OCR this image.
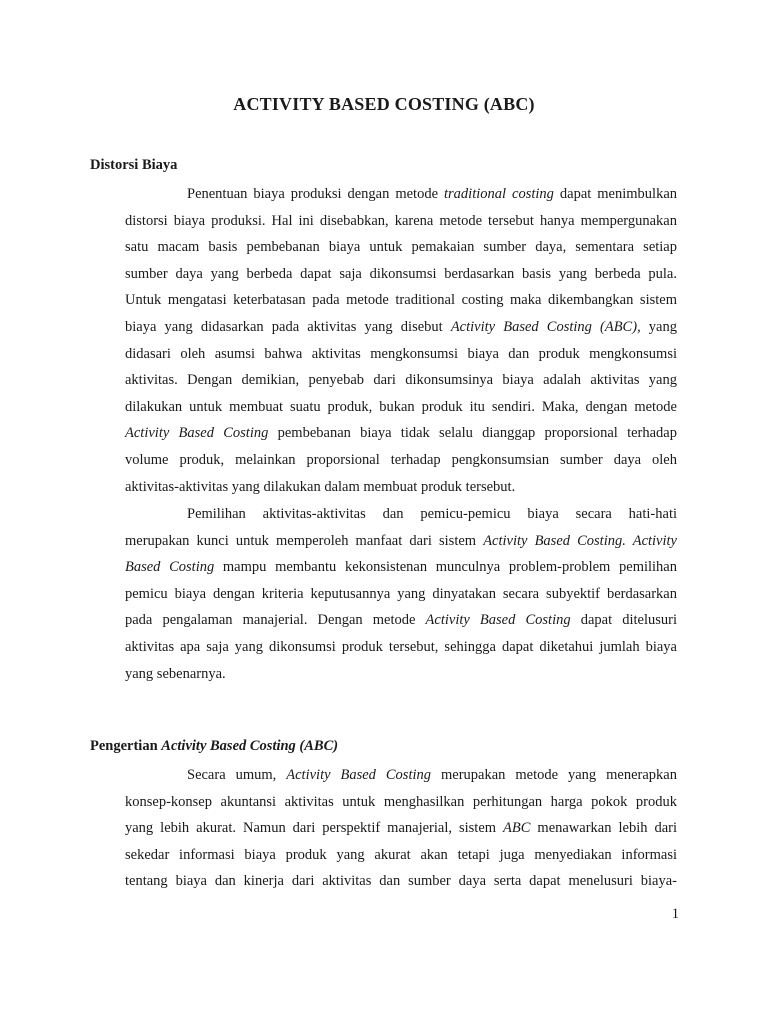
ACTIVITY BASED COSTING (ABC)
Distorsi Biaya

Penentuan biaya produksi dengan metode traditional costing dapat menimbulkan
distorsi biaya produksi. Hal ini disebabkan, karena metode tersebut hanya mempergunakan
satu macam basis pembebanan biaya untuk pemakaian sumber daya, sementara setiap
sumber daya yang berbeda dapat saja dikonsumsi berdasarkan basis yang berbeda pula.
Untuk mengatasi keterbatasan pada metode traditional costing maka dikembangkan sistem
biaya yang didasarkan pada aktivitas yang disebut Activity Based Costing (ABC), yang
didasari oleh asumsi bahwa aktivitas mengkonsumsi biaya dan produk mengkonsumsi
aktivitas. Dengan demikian, penyebab dari dikonsumsinya biaya adalah aktivitas yang
dilakukan untuk membuat suatu produk, bukan produk itu sendiri. Maka, dengan metode
Activity Based Costing pembebanan biaya tidak selalu dianggap proporsional terhadap
volume produk, melainkan proporsional terhadap pengkonsumsian sumber daya oleh
aktivitas-aktivitas yang dilakukan dalam membuat produk tersebut.

Pemilihan aktivitas-aktivitas dan pemicu-pemicu biaya secara hati-hati
merupakan kunci untuk memperoleh manfaat dari sistem Activity Based Costing. Activity
Based Costing mampu membantu kekonsistenan munculnya problem-problem pemilihan
pemicu biaya dengan kriteria keputusannya yang dinyatakan secara subyektif berdasarkan
pada pengalaman manajerial. Dengan metode Activity Based Costing dapat ditelusuri
aktivitas apa saja yang dikonsumsi produk tersebut, sehingga dapat diketahui jumlah biaya
yang sebenarnya.

Pengertian Activity Based Costing (ABC)

Secara umum, Activity Based Costing merupakan metode yang menerapkan
konsep-konsep akuntansi aktivitas untuk menghasilkan perhitungan harga pokok produk
yang lebih akurat. Namun dari perspektif manajerial, sistem ABC menawarkan lebih dari
sekedar informasi biaya produk yang akurat akan tetapi juga menyediakan informasi
tentang biaya dan kinerja dari aktivitas dan sumber daya serta dapat menelusuri biaya-

1
